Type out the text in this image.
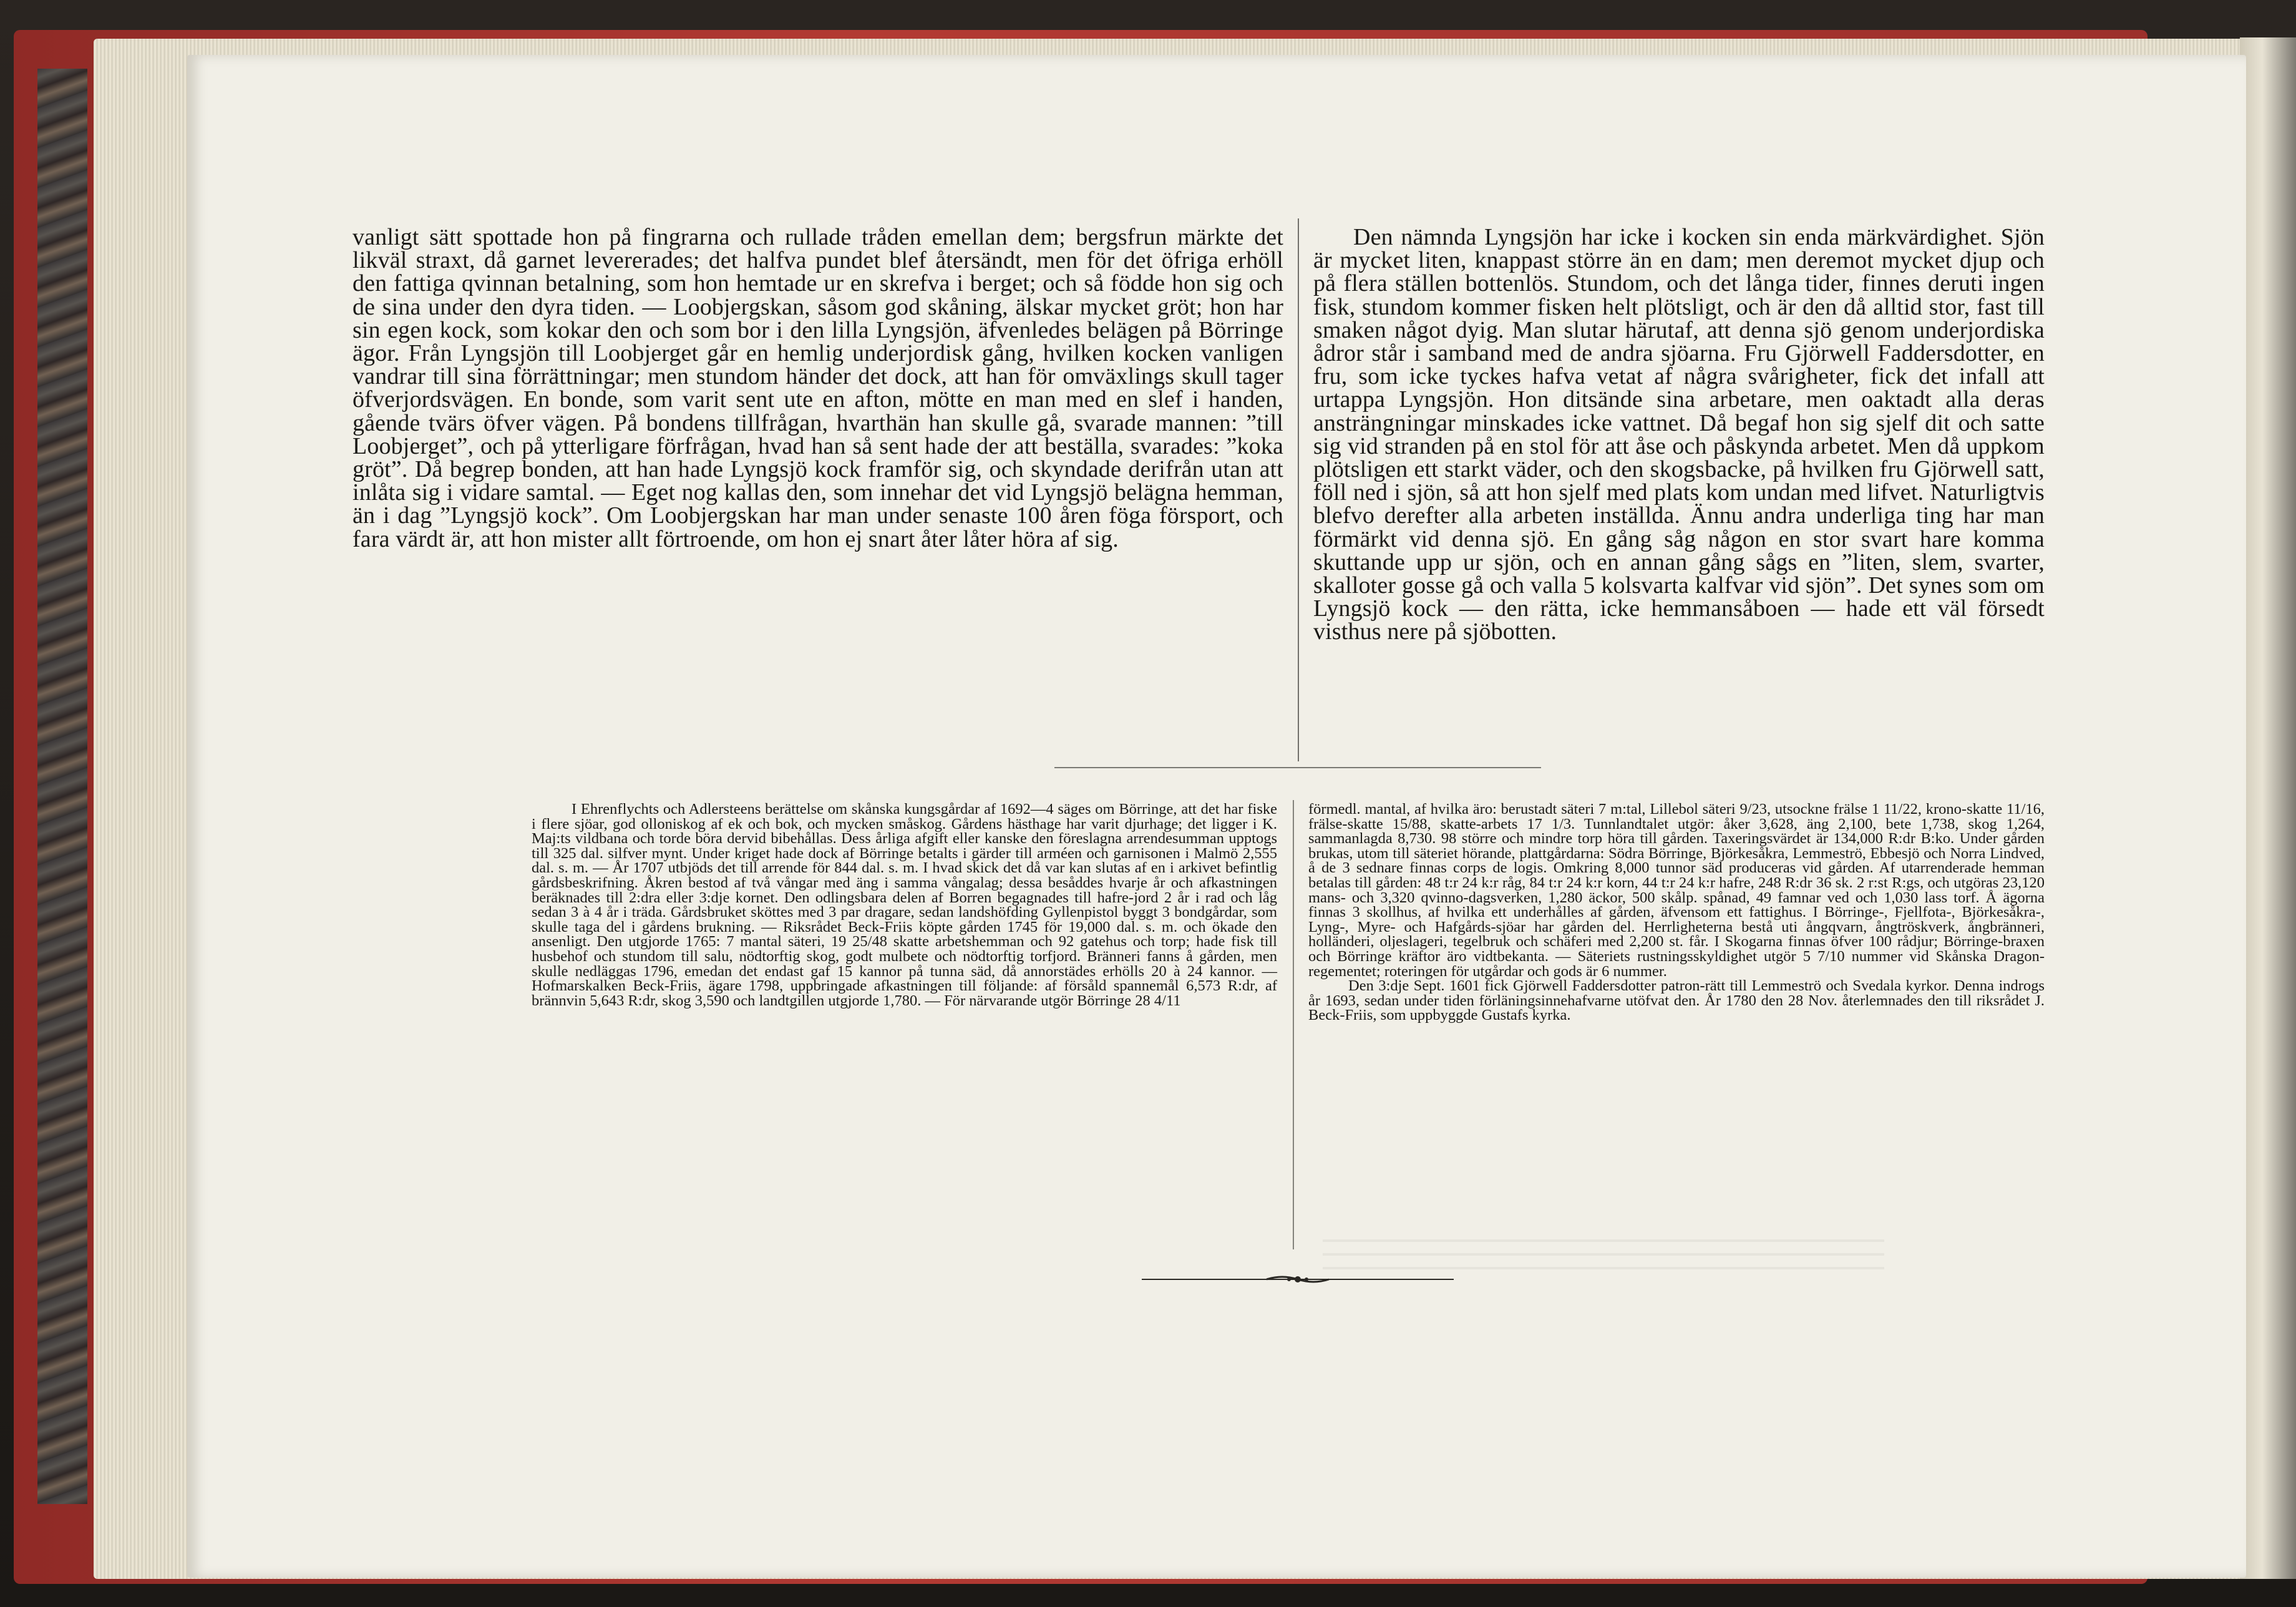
vanligt sätt spottade hon på fingrarna och rullade tråden emellan dem; bergsfrun märkte det likväl straxt, då garnet levererades; det halfva pundet blef återsändt, men för det öfriga erhöll den fattiga qvinnan betalning, som hon hemtade ur en skrefva i berget; och så födde hon sig och de sina under den dyra tiden. — Loobjergskan, såsom god skåning, älskar mycket gröt; hon har sin egen kock, som kokar den och som bor i den lilla Lyngsjön, äfvenledes belägen på Börringe ägor. Från Lyngsjön till Loobjerget går en hemlig underjordisk gång, hvilken kocken vanligen vandrar till sina förrättningar; men stundom händer det dock, att han för omväxlings skull tager öfverjordsvägen. En bonde, som varit sent ute en afton, mötte en man med en slef i handen, gående tvärs öfver vägen. På bondens tillfrågan, hvarthän han skulle gå, svarade mannen: ”till Loobjerget”, och på ytterligare förfrågan, hvad han så sent hade der att beställa, svarades: ”koka gröt”. Då begrep bonden, att han hade Lyngsjö kock framför sig, och skyndade derifrån utan att inlåta sig i vidare samtal. — Eget nog kallas den, som innehar det vid Lyngsjö belägna hemman, än i dag ”Lyngsjö kock”. Om Loobjergskan har man under senaste 100 åren föga försport, och fara värdt är, att hon mister allt förtroende, om hon ej snart åter låter höra af sig.

Den nämnda Lyngsjön har icke i kocken sin enda märkvärdighet. Sjön är mycket liten, knappast större än en dam; men deremot mycket djup och på flera ställen bottenlös. Stundom, och det långa tider, finnes deruti ingen fisk, stundom kommer fisken helt plötsligt, och är den då alltid stor, fast till smaken något dyig. Man slutar härutaf, att denna sjö genom underjordiska ådror står i samband med de andra sjöarna. Fru Gjörwell Faddersdotter, en fru, som icke tyckes hafva vetat af några svårigheter, fick det infall att urtappa Lyngsjön. Hon ditsände sina arbetare, men oaktadt alla deras ansträngningar minskades icke vattnet. Då begaf hon sig sjelf dit och satte sig vid stranden på en stol för att åse och påskynda arbetet. Men då uppkom plötsligen ett starkt väder, och den skogsbacke, på hvilken fru Gjörwell satt, föll ned i sjön, så att hon sjelf med plats kom undan med lifvet. Naturligtvis blefvo derefter alla arbeten inställda. Ännu andra underliga ting har man förmärkt vid denna sjö. En gång såg någon en stor svart hare komma skuttande upp ur sjön, och en annan gång sågs en ”liten, slem, svarter, skalloter gosse gå och valla 5 kolsvarta kalfvar vid sjön”. Det synes som om Lyngsjö kock — den rätta, icke hemmansåboen — hade ett väl försedt visthus nere på sjöbotten.

I Ehrenflychts och Adlersteens berättelse om skånska kungsgårdar af 1692—4 säges om Börringe, att det har fiske i flere sjöar, god olloniskog af ek och bok, och mycken småskog. Gårdens hästhage har varit djurhage; det ligger i K. Maj:ts vildbana och torde böra dervid bibehållas. Dess årliga afgift eller kanske den föreslagna arrendesumman upptogs till 325 dal. silfver mynt. Under kriget hade dock af Börringe betalts i gärder till arméen och garnisonen i Malmö 2,555 dal. s. m. — År 1707 utbjöds det till arrende för 844 dal. s. m. I hvad skick det då var kan slutas af en i arkivet befintlig gårdsbeskrifning. Åkren bestod af två vångar med äng i samma vångalag; dessa besåddes hvarje år och afkastningen beräknades till 2:dra eller 3:dje kornet. Den odlingsbara delen af Borren begagnades till hafre-jord 2 år i rad och låg sedan 3 à 4 år i träda. Gårdsbruket sköttes med 3 par dragare, sedan landshöfding Gyllenpistol byggt 3 bondgårdar, som skulle taga del i gårdens brukning. — Riksrådet Beck-Friis köpte gården 1745 för 19,000 dal. s. m. och ökade den ansenligt. Den utgjorde 1765: 7 mantal säteri, 19 25/48 skatte arbetshemman och 92 gatehus och torp; hade fisk till husbehof och stundom till salu, nödtorftig skog, godt mulbete och nödtorftig torfjord. Bränneri fanns å gården, men skulle nedläggas 1796, emedan det endast gaf 15 kannor på tunna säd, då annorstädes erhölls 20 à 24 kannor. — Hofmarskalken Beck-Friis, ägare 1798, uppbringade afkastningen till följande: af försåld spannemål 6,573 R:dr, af brännvin 5,643 R:dr, skog 3,590 och landtgillen utgjorde 1,780. — För närvarande utgör Börringe 28 4/11

förmedl. mantal, af hvilka äro: berustadt säteri 7 m:tal, Lillebol säteri 9/23, utsockne frälse 1 11/22, krono-skatte 11/16, frälse-skatte 15/88, skatte-arbets 17 1/3. Tunnlandtalet utgör: åker 3,628, äng 2,100, bete 1,738, skog 1,264, sammanlagda 8,730. 98 större och mindre torp höra till gården. Taxeringsvärdet är 134,000 R:dr B:ko. Under gården brukas, utom till säteriet hörande, plattgårdarna: Södra Börringe, Björkesåkra, Lemmeströ, Ebbesjö och Norra Lindved, å de 3 sednare finnas corps de logis. Omkring 8,000 tunnor säd produceras vid gården. Af utarrenderade hemman betalas till gården: 48 t:r 24 k:r råg, 84 t:r 24 k:r korn, 44 t:r 24 k:r hafre, 248 R:dr 36 sk. 2 r:st R:gs, och utgöras 23,120 mans- och 3,320 qvinno-dagsverken, 1,280 äckor, 500 skålp. spånad, 49 famnar ved och 1,030 lass torf. Å ägorna finnas 3 skollhus, af hvilka ett underhålles af gården, äfvensom ett fattighus. I Börringe-, Fjellfota-, Björkesåkra-, Lyng-, Myre- och Hafgårds-sjöar har gården del. Herrligheterna bestå uti ångqvarn, ångtröskverk, ångbränneri, holländeri, oljeslageri, tegelbruk och schäferi med 2,200 st. får. I Skogarna finnas öfver 100 rådjur; Börringe-braxen och Börringe kräftor äro vidtbekanta. — Säteriets rustningsskyldighet utgör 5 7/10 nummer vid Skånska Dragon-regementet; roteringen för utgårdar och gods är 6 nummer.

Den 3:dje Sept. 1601 fick Gjörwell Faddersdotter patron-rätt till Lemmeströ och Svedala kyrkor. Denna indrogs år 1693, sedan under tiden förläningsinnehafvarne utöfvat den. År 1780 den 28 Nov. återlemnades den till riksrådet J. Beck-Friis, som uppbyggde Gustafs kyrka.
